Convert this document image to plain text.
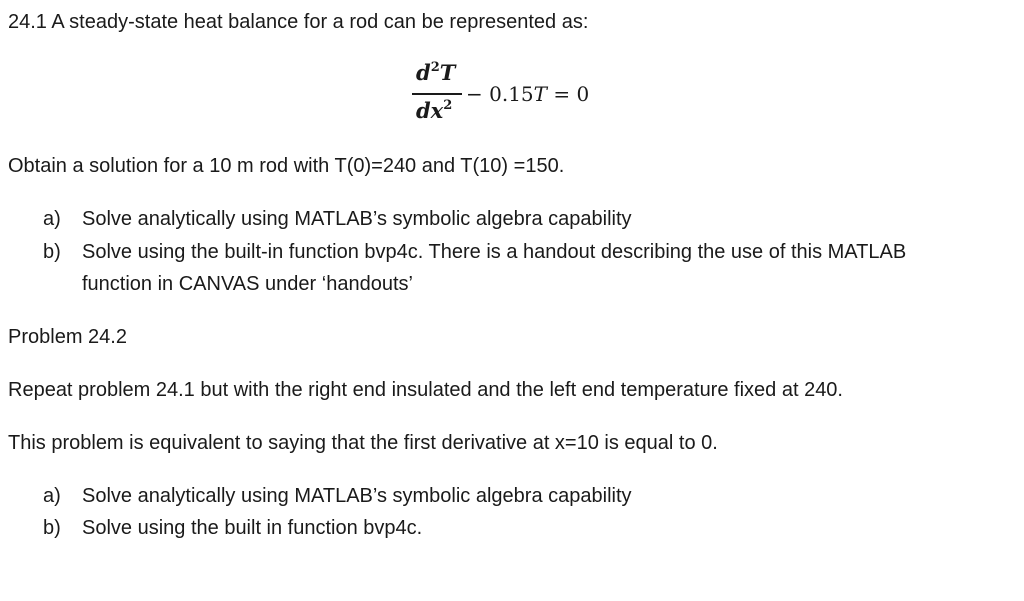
24.1 A steady-state heat balance for a rod can be represented as:
$d^2T$
$dx^2 - 0.15T = 0$
Obtain a solution for a 10 m rod with T(0)=240 and T(10) =150.
a) Solve analytically using MATLAB’s symbolic algebra capability
b) Solve using the built-in function bvp4c. There is a handout describing the use of this MATLAB
function in CANVAS under ‘handouts’
Problem 24.2
Repeat problem 24.1 but with the right end insulated and the left end temperature fixed at 240.
This problem is equivalent to saying that the first derivative at x=10 is equal to 0.
a) Solve analytically using MATLAB’s symbolic algebra capability
b) Solve using the built in function bvp4c.
